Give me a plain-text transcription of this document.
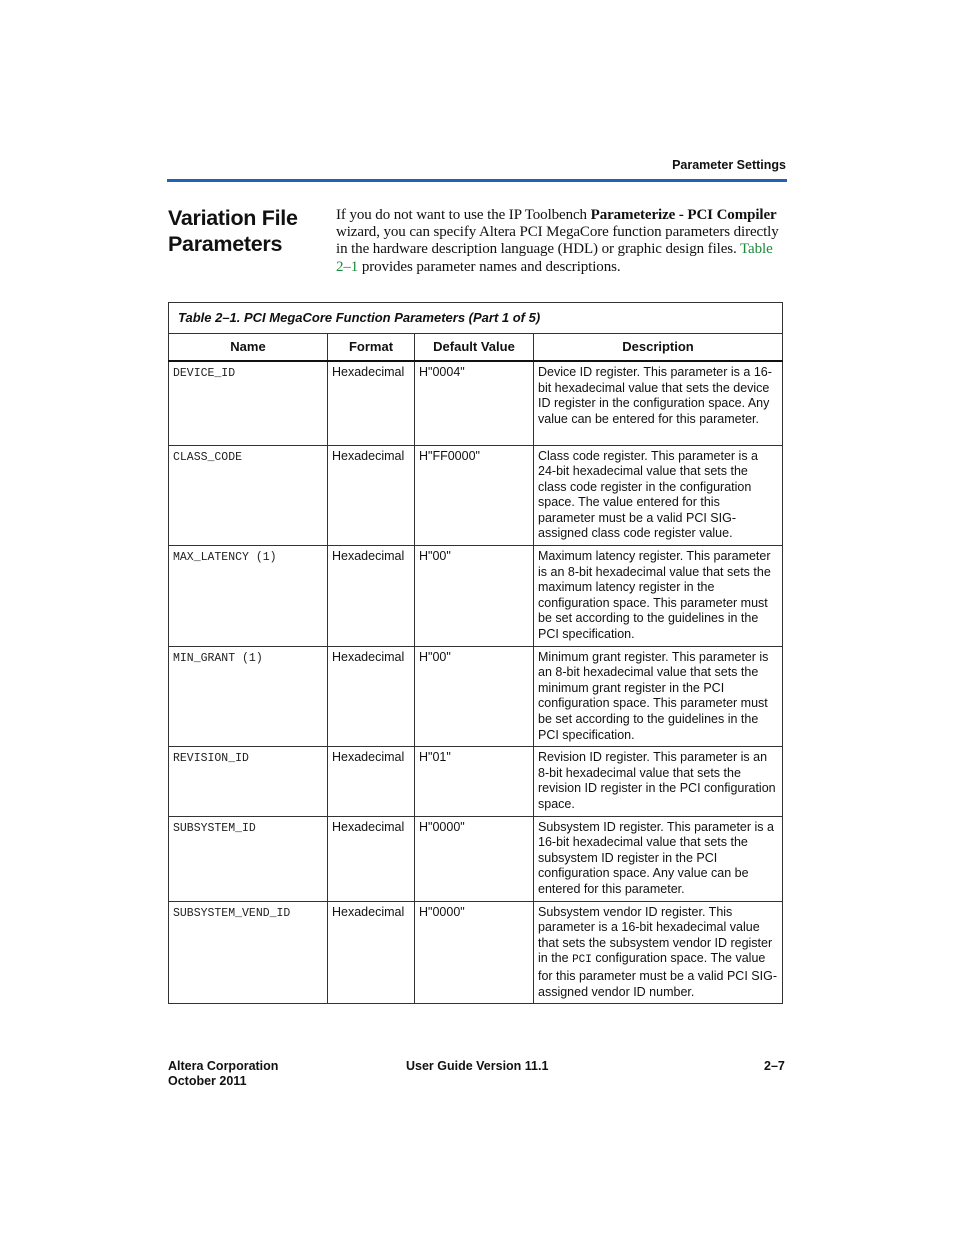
Parameter Settings
Variation File Parameters
If you do not want to use the IP Toolbench Parameterize - PCI Compiler wizard, you can specify Altera PCI MegaCore function parameters directly in the hardware description language (HDL) or graphic design files. Table 2–1 provides parameter names and descriptions.
Table 2–1. PCI MegaCore Function Parameters (Part 1 of 5)			
Name	Format	Default Value	Description
DEVICE_ID	Hexadecimal	H"0004"	Device ID register. This parameter is a 16-bit hexadecimal value that sets the device ID register in the configuration space. Any value can be entered for this parameter.
CLASS_CODE	Hexadecimal	H"FF0000"	Class code register. This parameter is a 24-bit hexadecimal value that sets the class code register in the configuration space. The value entered for this parameter must be a valid PCI SIG-assigned class code register value.
MAX_LATENCY (1)	Hexadecimal	H"00"	Maximum latency register. This parameter is an 8-bit hexadecimal value that sets the maximum latency register in the configuration space. This parameter must be set according to the guidelines in the PCI specification.
MIN_GRANT (1)	Hexadecimal	H"00"	Minimum grant register. This parameter is an 8-bit hexadecimal value that sets the minimum grant register in the PCI configuration space. This parameter must be set according to the guidelines in the PCI specification.
REVISION_ID	Hexadecimal	H"01"	Revision ID register. This parameter is an 8-bit hexadecimal value that sets the revision ID register in the PCI configuration space.
SUBSYSTEM_ID	Hexadecimal	H"0000"	Subsystem ID register. This parameter is a 16-bit hexadecimal value that sets the subsystem ID register in the PCI configuration space. Any value can be entered for this parameter.
SUBSYSTEM_VEND_ID	Hexadecimal	H"0000"	Subsystem vendor ID register. This parameter is a 16-bit hexadecimal value that sets the subsystem vendor ID register in the PCI configuration space. The value for this parameter must be a valid PCI SIG-assigned vendor ID number.
Altera Corporation
October 2011
User Guide Version 11.1	2–7
